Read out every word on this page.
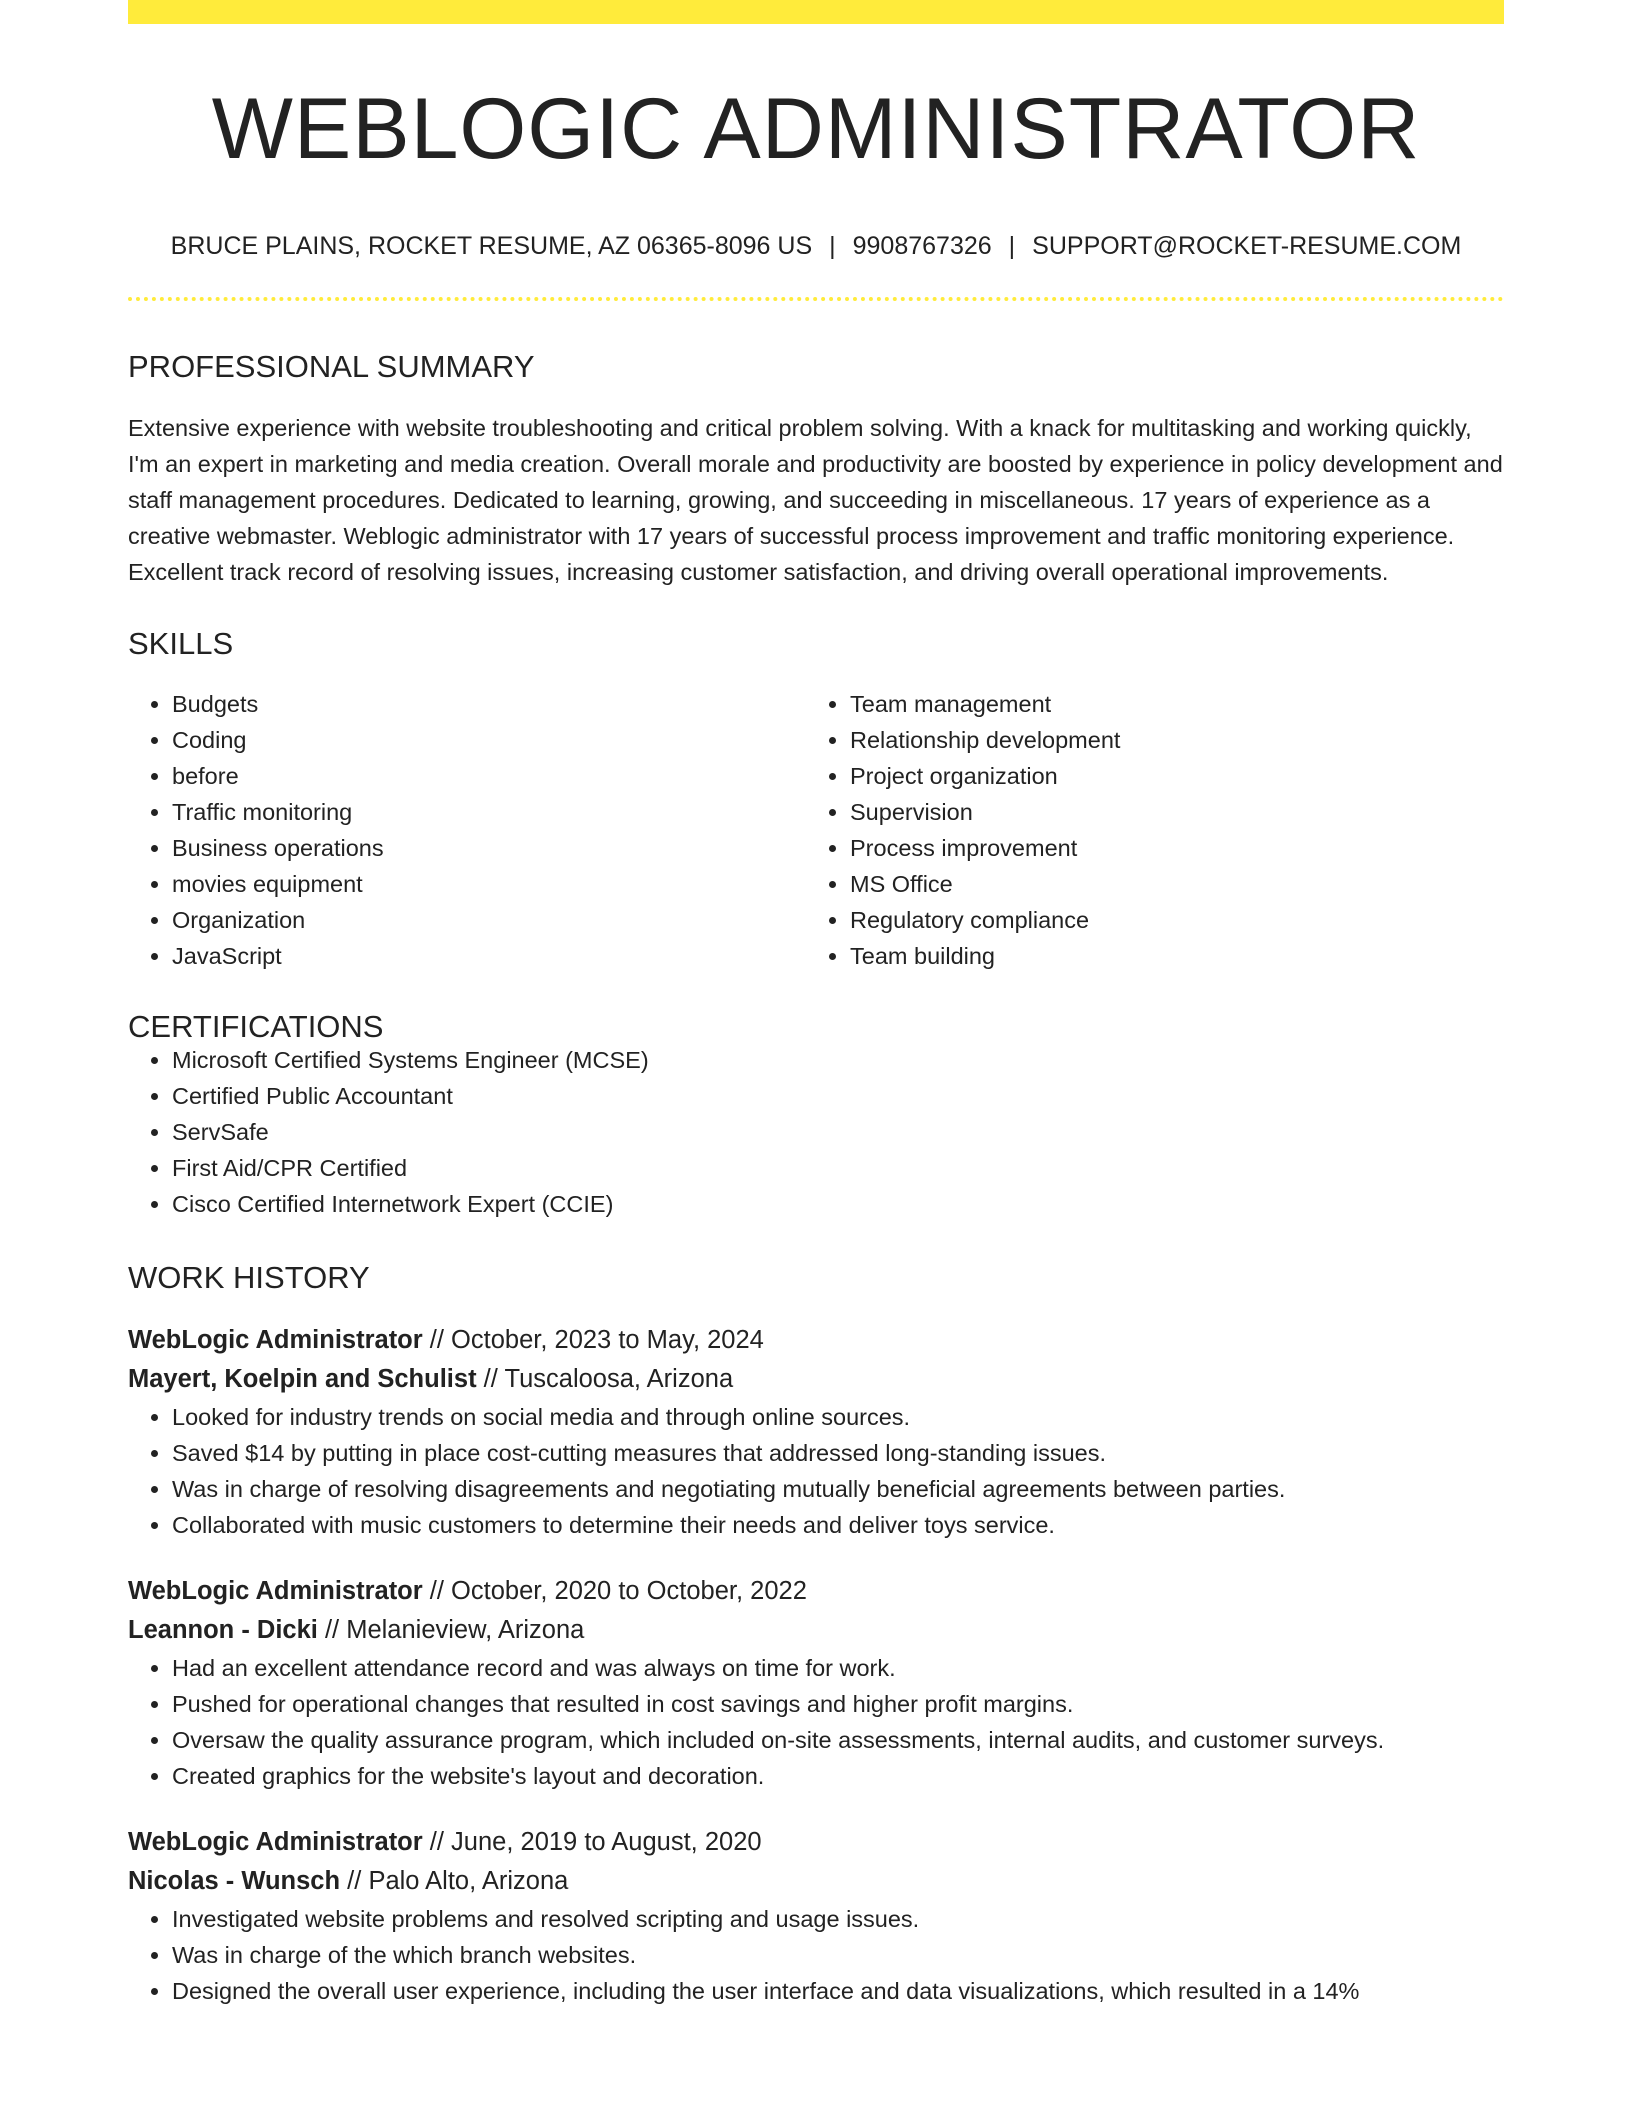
WEBLOGIC ADMINISTRATOR
BRUCE PLAINS, ROCKET RESUME, AZ 06365-8096 US | 9908767326 | SUPPORT@ROCKET-RESUME.COM
PROFESSIONAL SUMMARY
Extensive experience with website troubleshooting and critical problem solving. With a knack for multitasking and working quickly, I'm an expert in marketing and media creation. Overall morale and productivity are boosted by experience in policy development and staff management procedures. Dedicated to learning, growing, and succeeding in miscellaneous. 17 years of experience as a creative webmaster. Weblogic administrator with 17 years of successful process improvement and traffic monitoring experience. Excellent track record of resolving issues, increasing customer satisfaction, and driving overall operational improvements.
SKILLS
• Budgets
• Coding
• before
• Traffic monitoring
• Business operations
• movies equipment
• Organization
• JavaScript
• Team management
• Relationship development
• Project organization
• Supervision
• Process improvement
• MS Office
• Regulatory compliance
• Team building
CERTIFICATIONS
• Microsoft Certified Systems Engineer (MCSE)
• Certified Public Accountant
• ServSafe
• First Aid/CPR Certified
• Cisco Certified Internetwork Expert (CCIE)
WORK HISTORY
WebLogic Administrator // October, 2023 to May, 2024
Mayert, Koelpin and Schulist // Tuscaloosa, Arizona
• Looked for industry trends on social media and through online sources.
• Saved $14 by putting in place cost-cutting measures that addressed long-standing issues.
• Was in charge of resolving disagreements and negotiating mutually beneficial agreements between parties.
• Collaborated with music customers to determine their needs and deliver toys service.
WebLogic Administrator // October, 2020 to October, 2022
Leannon - Dicki // Melanieview, Arizona
• Had an excellent attendance record and was always on time for work.
• Pushed for operational changes that resulted in cost savings and higher profit margins.
• Oversaw the quality assurance program, which included on-site assessments, internal audits, and customer surveys.
• Created graphics for the website's layout and decoration.
WebLogic Administrator // June, 2019 to August, 2020
Nicolas - Wunsch // Palo Alto, Arizona
• Investigated website problems and resolved scripting and usage issues.
• Was in charge of the which branch websites.
• Designed the overall user experience, including the user interface and data visualizations, which resulted in a 14%
